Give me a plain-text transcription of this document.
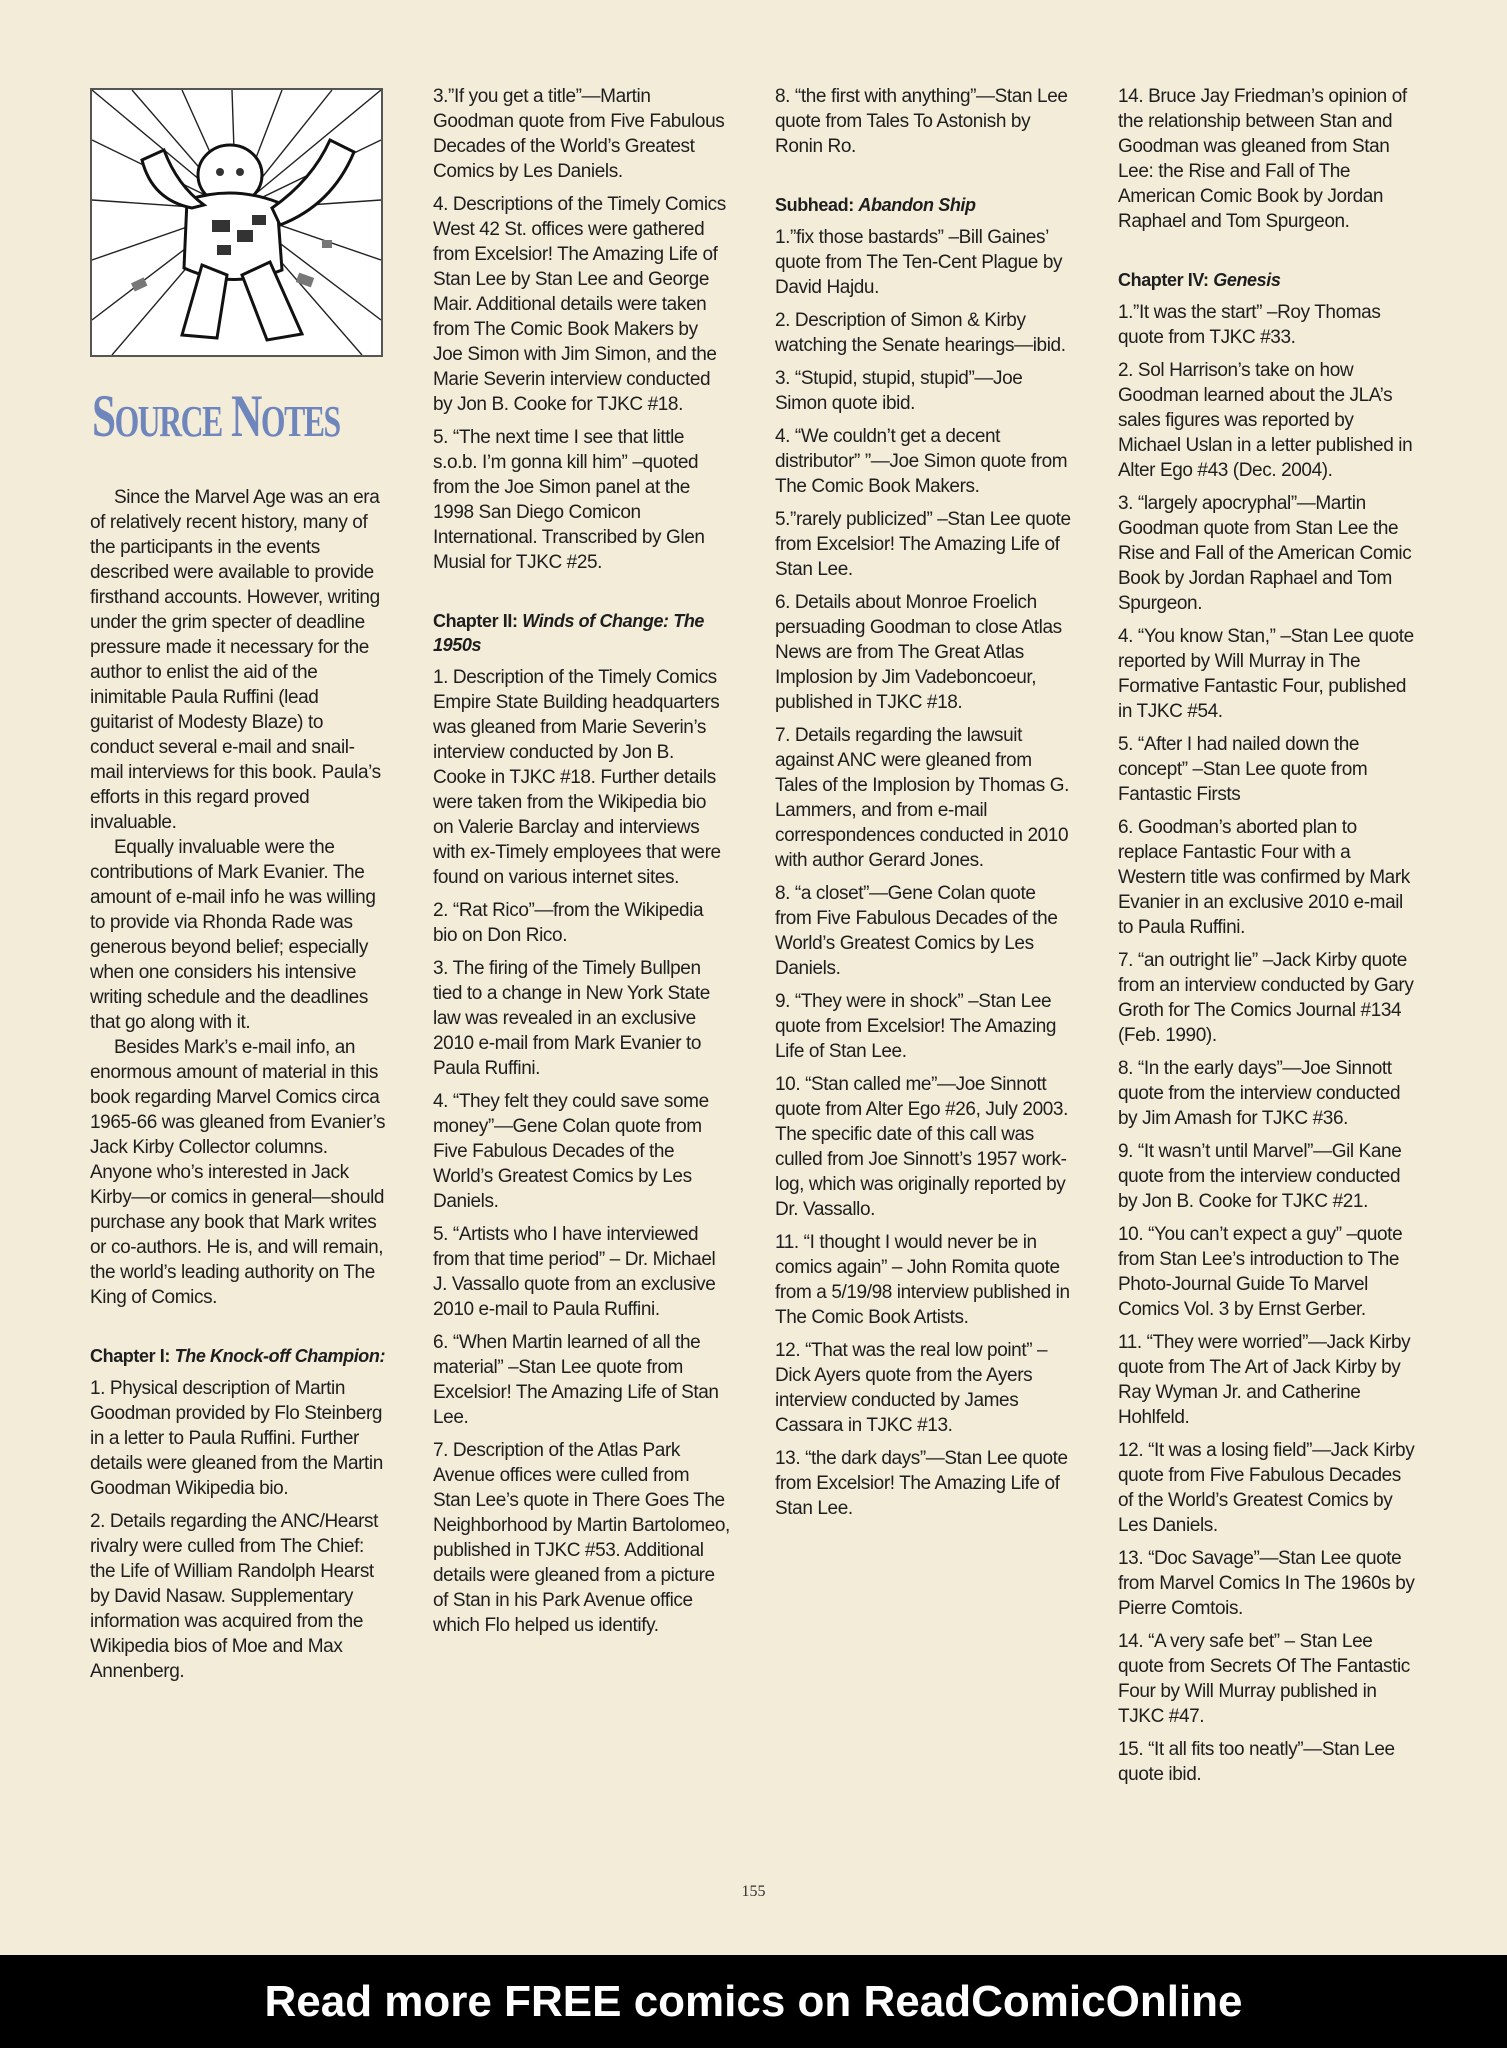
SOURCE NOTES

Since the Marvel Age was an era of relatively recent history, many of the participants in the events described were available to provide firsthand accounts. However, writing under the grim specter of deadline pressure made it necessary for the author to enlist the aid of the inimitable Paula Ruffini (lead guitarist of Modesty Blaze) to conduct several e-mail and snail-mail interviews for this book. Paula’s efforts in this regard proved invaluable.

Equally invaluable were the contributions of Mark Evanier. The amount of e-mail info he was willing to provide via Rhonda Rade was generous beyond belief; especially when one considers his intensive writing schedule and the deadlines that go along with it.

Besides Mark’s e-mail info, an enormous amount of material in this book regarding Marvel Comics circa 1965-66 was gleaned from Evanier’s Jack Kirby Collector columns. Anyone who’s interested in Jack Kirby—or comics in general—should purchase any book that Mark writes or co-authors. He is, and will remain, the world’s leading authority on The King of Comics.

Chapter I: The Knock-off Champion:

1. Physical description of Martin Goodman provided by Flo Steinberg in a letter to Paula Ruffini. Further details were gleaned from the Martin Goodman Wikipedia bio.

2. Details regarding the ANC/Hearst rivalry were culled from The Chief: the Life of William Randolph Hearst by David Nasaw. Supplementary information was acquired from the Wikipedia bios of Moe and Max Annenberg.

3.”If you get a title”—Martin Goodman quote from Five Fabulous Decades of the World’s Greatest Comics by Les Daniels.

4. Descriptions of the Timely Comics West 42 St. offices were gathered from Excelsior! The Amazing Life of Stan Lee by Stan Lee and George Mair. Additional details were taken from The Comic Book Makers by Joe Simon with Jim Simon, and the Marie Severin interview conducted by Jon B. Cooke for TJKC #18.

5. “The next time I see that little s.o.b. I’m gonna kill him” –quoted from the Joe Simon panel at the 1998 San Diego Comicon International. Transcribed by Glen Musial for TJKC #25.

Chapter II: Winds of Change: The 1950s

1. Description of the Timely Comics Empire State Building headquarters was gleaned from Marie Severin’s interview conducted by Jon B. Cooke in TJKC #18. Further details were taken from the Wikipedia bio on Valerie Barclay and interviews with ex-Timely employees that were found on various internet sites.

2. “Rat Rico”—from the Wikipedia bio on Don Rico.

3. The firing of the Timely Bullpen tied to a change in New York State law was revealed in an exclusive 2010 e-mail from Mark Evanier to Paula Ruffini.

4. “They felt they could save some money”—Gene Colan quote from Five Fabulous Decades of the World’s Greatest Comics by Les Daniels.

5. “Artists who I have interviewed from that time period” – Dr. Michael J. Vassallo quote from an exclusive 2010 e-mail to Paula Ruffini.

6. “When Martin learned of all the material” –Stan Lee quote from Excelsior! The Amazing Life of Stan Lee.

7. Description of the Atlas Park Avenue offices were culled from Stan Lee’s quote in There Goes The Neighborhood by Martin Bartolomeo, published in TJKC #53. Additional details were gleaned from a picture of Stan in his Park Avenue office which Flo helped us identify.

8. “the first with anything”—Stan Lee quote from Tales To Astonish by Ronin Ro.

Subhead: Abandon Ship

1.”fix those bastards” –Bill Gaines’ quote from The Ten-Cent Plague by David Hajdu.

2. Description of Simon & Kirby watching the Senate hearings—ibid.

3. “Stupid, stupid, stupid”—Joe Simon quote ibid.

4. “We couldn’t get a decent distributor” ”—Joe Simon quote from The Comic Book Makers.

5.”rarely publicized” –Stan Lee quote from Excelsior! The Amazing Life of Stan Lee.

6. Details about Monroe Froelich persuading Goodman to close Atlas News are from The Great Atlas Implosion by Jim Vadeboncoeur, published in TJKC #18.

7. Details regarding the lawsuit against ANC were gleaned from Tales of the Implosion by Thomas G. Lammers, and from e-mail correspondences conducted in 2010 with author Gerard Jones.

8. “a closet”—Gene Colan quote from Five Fabulous Decades of the World’s Greatest Comics by Les Daniels.

9. “They were in shock” –Stan Lee quote from Excelsior! The Amazing Life of Stan Lee.

10. “Stan called me”—Joe Sinnott quote from Alter Ego #26, July 2003. The specific date of this call was culled from Joe Sinnott’s 1957 work-log, which was originally reported by Dr. Vassallo.

11. “I thought I would never be in comics again” – John Romita quote from a 5/19/98 interview published in The Comic Book Artists.

12. “That was the real low point” –Dick Ayers quote from the Ayers interview conducted by James Cassara in TJKC #13.

13. “the dark days”—Stan Lee quote from Excelsior! The Amazing Life of Stan Lee.

14. Bruce Jay Friedman’s opinion of the relationship between Stan and Goodman was gleaned from Stan Lee: the Rise and Fall of The American Comic Book by Jordan Raphael and Tom Spurgeon.

Chapter IV: Genesis

1.”It was the start” –Roy Thomas quote from TJKC #33.

2. Sol Harrison’s take on how Goodman learned about the JLA’s sales figures was reported by Michael Uslan in a letter published in Alter Ego #43 (Dec. 2004).

3. “largely apocryphal”—Martin Goodman quote from Stan Lee the Rise and Fall of the American Comic Book by Jordan Raphael and Tom Spurgeon.

4. “You know Stan,” –Stan Lee quote reported by Will Murray in The Formative Fantastic Four, published in TJKC #54.

5. “After I had nailed down the concept” –Stan Lee quote from Fantastic Firsts

6. Goodman’s aborted plan to replace Fantastic Four with a Western title was confirmed by Mark Evanier in an exclusive 2010 e-mail to Paula Ruffini.

7. “an outright lie” –Jack Kirby quote from an interview conducted by Gary Groth for The Comics Journal #134 (Feb. 1990).

8. “In the early days”—Joe Sinnott quote from the interview conducted by Jim Amash for TJKC #36.

9. “It wasn’t until Marvel”—Gil Kane quote from the interview conducted by Jon B. Cooke for TJKC #21.

10. “You can’t expect a guy” –quote from Stan Lee’s introduction to The Photo-Journal Guide To Marvel Comics Vol. 3 by Ernst Gerber.

11. “They were worried”—Jack Kirby quote from The Art of Jack Kirby by Ray Wyman Jr. and Catherine Hohlfeld.

12. “It was a losing field”—Jack Kirby quote from Five Fabulous Decades of the World’s Greatest Comics by Les Daniels.

13. “Doc Savage”—Stan Lee quote from Marvel Comics In The 1960s by Pierre Comtois.

14. “A very safe bet” – Stan Lee quote from Secrets Of The Fantastic Four by Will Murray published in TJKC #47.

15. “It all fits too neatly”—Stan Lee quote ibid.

155
Read more FREE comics on ReadComicOnline
